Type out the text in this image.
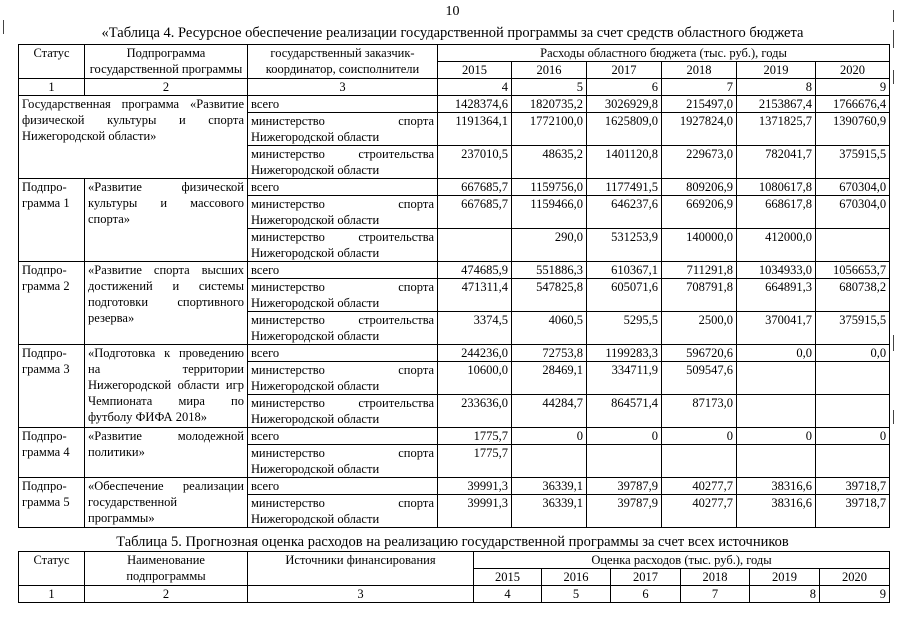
10
«Таблица 4. Ресурсное обеспечение реализации государственной программы за счет средств областного бюджета
Статус	Подпрограмма государственной программы	государственный заказчик-координатор, соисполнители	Расходы областного бюджета (тыс. руб.), годы					
			2015	2016	2017	2018	2019	2020
1	2	3	4	5	6	7	8	9
Государственная программа «Развитие физической культуры и спорта Нижегородской области»		всего	1428374,6	1820735,2	3026929,8	215497,0	2153867,4	1766676,4
		министерство спорта Нижегородской области	1191364,1	1772100,0	1625809,0	1927824,0	1371825,7	1390760,9
		министерство строительства Нижегородской области	237010,5	48635,2	1401120,8	229673,0	782041,7	375915,5
Подпро-грамма 1	«Развитие физической культуры и массового спорта»	всего	667685,7	1159756,0	1177491,5	809206,9	1080617,8	670304,0
		министерство спорта Нижегородской области	667685,7	1159466,0	646237,6	669206,9	668617,8	670304,0
		министерство строительства Нижегородской области		290,0	531253,9	140000,0	412000,0	
Подпро-грамма 2	«Развитие спорта высших достижений и системы подготовки спортивного резерва»	всего	474685,9	551886,3	610367,1	711291,8	1034933,0	1056653,7
		министерство спорта Нижегородской области	471311,4	547825,8	605071,6	708791,8	664891,3	680738,2
		министерство строительства Нижегородской области	3374,5	4060,5	5295,5	2500,0	370041,7	375915,5
Подпро-грамма 3	«Подготовка к проведению на территории Нижегородской области игр Чемпионата мира по футболу ФИФА 2018»	всего	244236,0	72753,8	1199283,3	596720,6	0,0	0,0
		министерство спорта Нижегородской области	10600,0	28469,1	334711,9	509547,6		
		министерство строительства Нижегородской области	233636,0	44284,7	864571,4	87173,0		
Подпро-грамма 4	«Развитие молодежной политики»	всего	1775,7	0	0	0	0	0
		министерство спорта Нижегородской области	1775,7					
Подпро-грамма 5	«Обеспечение реализации государственной программы»	всего	39991,3	36339,1	39787,9	40277,7	38316,6	39718,7
		министерство спорта Нижегородской области	39991,3	36339,1	39787,9	40277,7	38316,6	39718,7
Таблица 5. Прогнозная оценка расходов на реализацию государственной программы за счет всех источников
Статус	Наименование подпрограммы	Источники финансирования	Оценка расходов (тыс. руб.), годы					
			2015	2016	2017	2018	2019	2020
1	2	3	4	5	6	7	8	9
